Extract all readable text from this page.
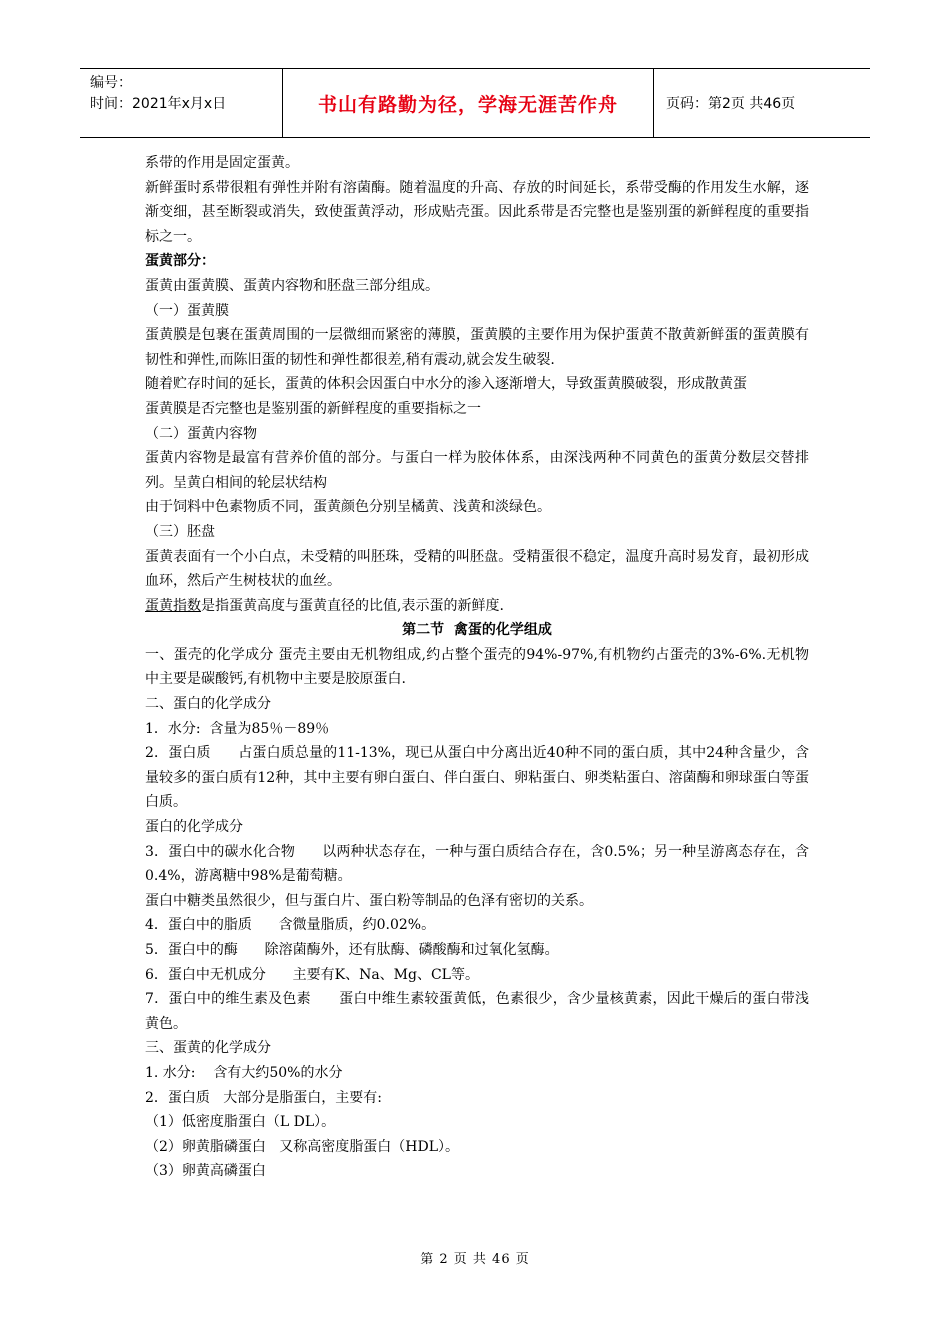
编号：
时间：2021年x月x日	书山有路勤为径，学海无涯苦作舟	页码：第2页 共46页

系带的作用是固定蛋黄。

新鲜蛋时系带很粗有弹性并附有溶菌酶。随着温度的升高、存放的时间延长，系带受酶的作用发生水解，逐渐变细，甚至断裂或消失，致使蛋黄浮动，形成贴壳蛋。因此系带是否完整也是鉴别蛋的新鲜程度的重要指标之一。

蛋黄部分：

蛋黄由蛋黄膜、蛋黄内容物和胚盘三部分组成。

（一）蛋黄膜

蛋黄膜是包裹在蛋黄周围的一层微细而紧密的薄膜，蛋黄膜的主要作用为保护蛋黄不散黄新鲜蛋的蛋黄膜有韧性和弹性,而陈旧蛋的韧性和弹性都很差,稍有震动,就会发生破裂.

随着贮存时间的延长，蛋黄的体积会因蛋白中水分的渗入逐渐增大，导致蛋黄膜破裂，形成散黄蛋

蛋黄膜是否完整也是鉴别蛋的新鲜程度的重要指标之一

（二）蛋黄内容物

蛋黄内容物是最富有营养价值的部分。与蛋白一样为胶体体系，由深浅两种不同黄色的蛋黄分数层交替排列。呈黄白相间的轮层状结构

由于饲料中色素物质不同，蛋黄颜色分别呈橘黄、浅黄和淡绿色。

（三）胚盘

蛋黄表面有一个小白点，未受精的叫胚珠，受精的叫胚盘。受精蛋很不稳定，温度升高时易发育，最初形成血环，然后产生树枝状的血丝。

蛋黄指数是指蛋黄高度与蛋黄直径的比值,表示蛋的新鲜度.

第二节  禽蛋的化学组成

一、蛋壳的化学成分 蛋壳主要由无机物组成,约占整个蛋壳的94%-97%,有机物约占蛋壳的3%-6%.无机物中主要是碳酸钙,有机物中主要是胶原蛋白.

二、蛋白的化学成分

1．水分:  含量为85％－89％

2．蛋白质      占蛋白质总量的11-13%，现已从蛋白中分离出近40种不同的蛋白质，其中24种含量少，含量较多的蛋白质有12种，其中主要有卵白蛋白、伴白蛋白、卵粘蛋白、卵类粘蛋白、溶菌酶和卵球蛋白等蛋白质。

蛋白的化学成分

3．蛋白中的碳水化合物      以两种状态存在，一种与蛋白质结合存在，含0.5%；另一种呈游离态存在，含0.4%，游离糖中98%是葡萄糖。

蛋白中糖类虽然很少，但与蛋白片、蛋白粉等制品的色泽有密切的关系。

4．蛋白中的脂质      含微量脂质，约0.02%。

5．蛋白中的酶      除溶菌酶外，还有肽酶、磷酸酶和过氧化氢酶。

6．蛋白中无机成分      主要有K、Na、Mg、CL等。

7．蛋白中的维生素及色素      蛋白中维生素较蛋黄低，色素很少，含少量核黄素，因此干燥后的蛋白带浅黄色。

三、蛋黄的化学成分

1. 水分:    含有大约50%的水分

2．蛋白质   大部分是脂蛋白，主要有:

（1）低密度脂蛋白（L DL）。

（2）卵黄脂磷蛋白   又称高密度脂蛋白（HDL）。

（3）卵黄高磷蛋白

第 2 页 共 46 页
